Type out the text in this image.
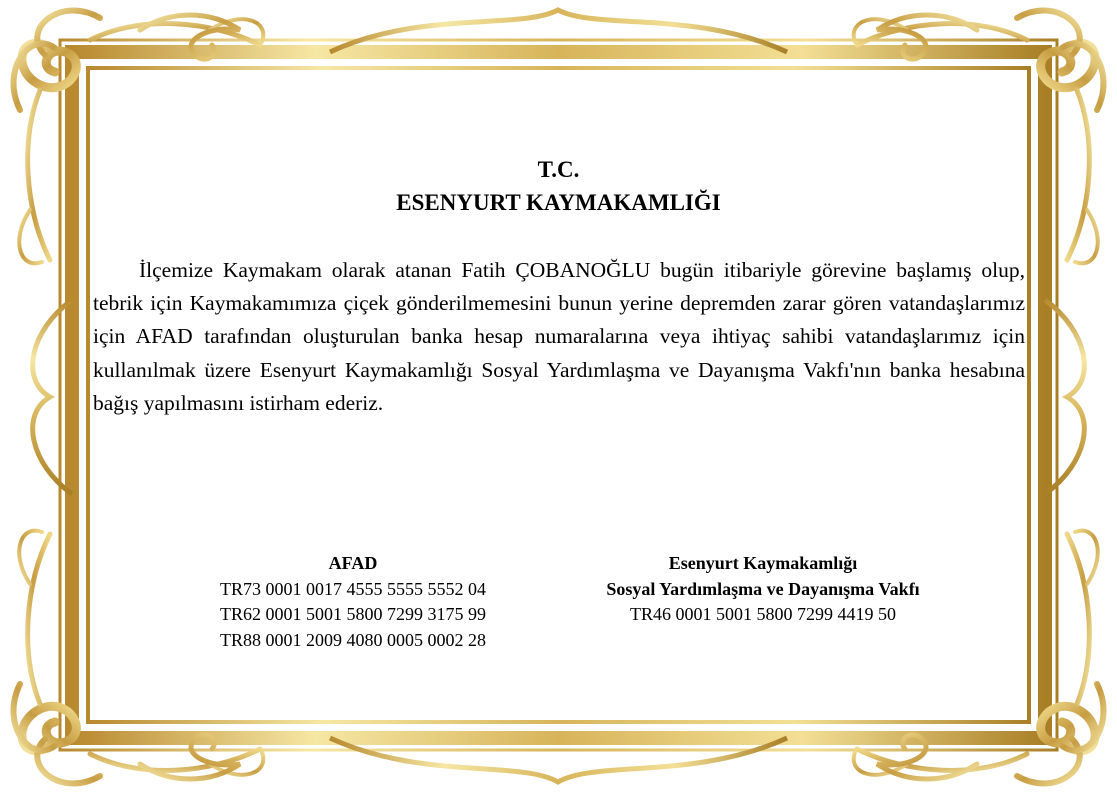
T.C.
ESENYURT KAYMAKAMLIĞI
İlçemize Kaymakam olarak atanan Fatih ÇOBANOĞLU bugün itibariyle görevine başlamış olup, tebrik için Kaymakamımıza çiçek gönderilmemesini bunun yerine depremden zarar gören vatandaşlarımız için AFAD tarafından oluşturulan banka hesap numaralarına veya ihtiyaç sahibi vatandaşlarımız için kullanılmak üzere Esenyurt Kaymakamlığı Sosyal Yardımlaşma ve Dayanışma Vakfı'nın banka hesabına bağış yapılmasını istirham ederiz.
AFAD
TR73 0001 0017 4555 5555 5552 04
TR62 0001 5001 5800 7299 3175 99
TR88 0001 2009 4080 0005 0002 28
Esenyurt Kaymakamlığı
Sosyal Yardımlaşma ve Dayanışma Vakfı
TR46 0001 5001 5800 7299 4419 50
